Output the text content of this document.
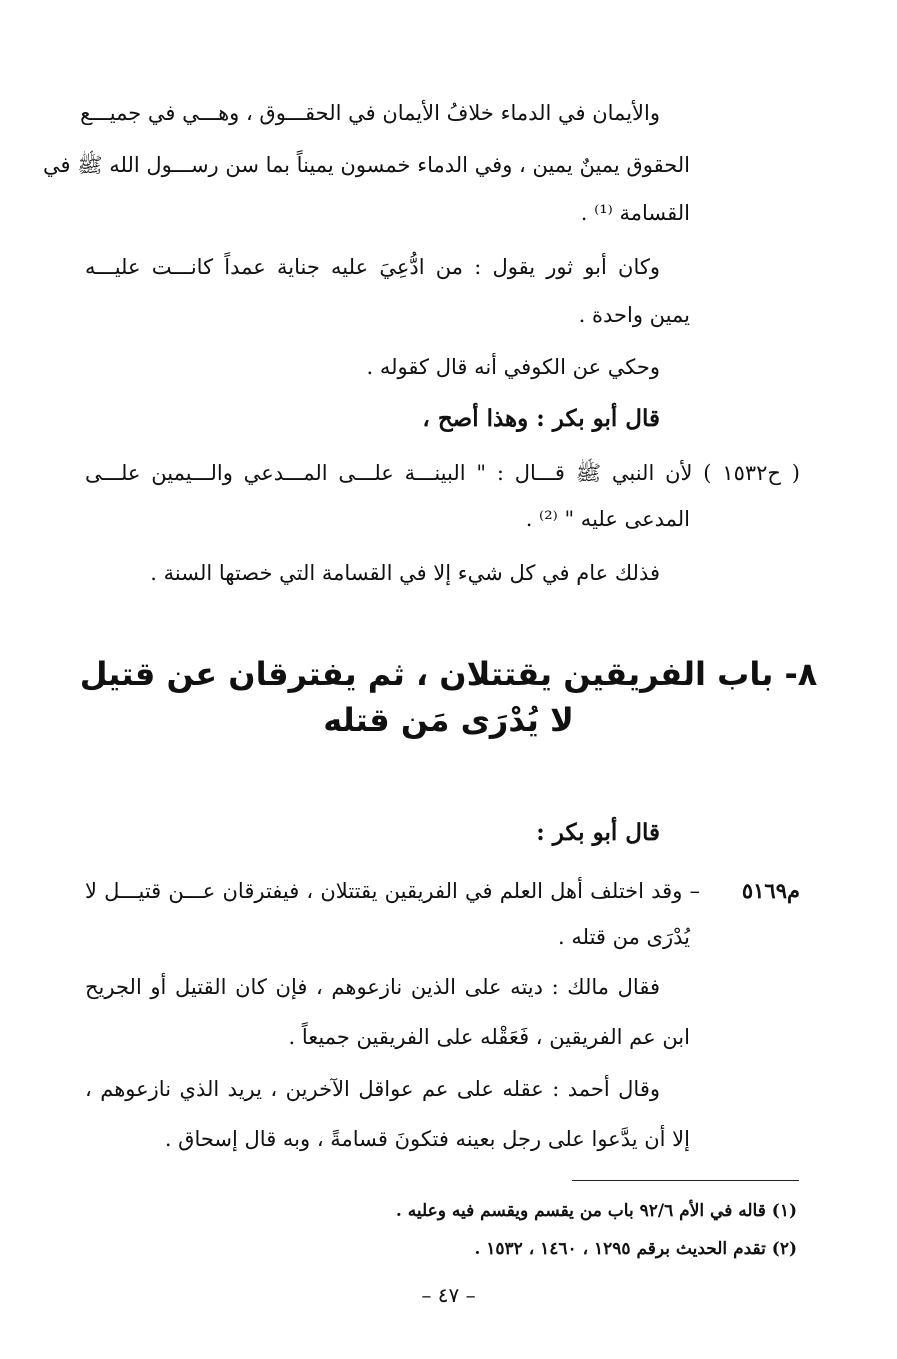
والأيمان في الدماء خلافُ الأيمان في الحقـــوق ، وهـــي في جميـــع
الحقوق يمينٌ يمين ، وفي الدماء خمسون يميناً بما سن رســـول الله ﷺ في
القسامة ⁽¹⁾ .
وكان أبو ثور يقول : من ادُّعِيَ عليه جناية عمداً كانـــت عليـــه
يمين واحدة .
وحكي عن الكوفي أنه قال كقوله .
قال أبو بكر : وهذا أصح ،
( ح١٥٣٢ ) لأن النبي ﷺ قـــال : " البينـــة علـــى المـــدعي والـــيمين علـــى
المدعى عليه " ⁽²⁾ .
فذلك عام في كل شيء إلا في القسامة التي خصتها السنة .
٨- باب الفريقين يقتتلان ، ثم يفترقان عن قتيل
لا يُدْرَى مَن قتله
قال أبو بكر :
م٥١٦٩
– وقد اختلف أهل العلم في الفريقين يقتتلان ، فيفترقان عـــن قتيـــل لا
يُدْرَى من قتله .
فقال مالك : ديته على الذين نازعوهم ، فإن كان القتيل أو الجريح
ابن عم الفريقين ، فَعَقْله على الفريقين جميعاً .
وقال أحمد : عقله على عم عواقل الآخرين ، يريد الذي نازعوهم ،
إلا أن يدَّعوا على رجل بعينه فتكونَ قسامةً ، وبه قال إسحاق .
(١) قاله في الأم ٩٢/٦ باب من يقسم ويقسم فيه وعليه .
(٢) تقدم الحديث برقم ١٢٩٥ ، ١٤٦٠ ، ١٥٣٢ .
– ٤٧ –
